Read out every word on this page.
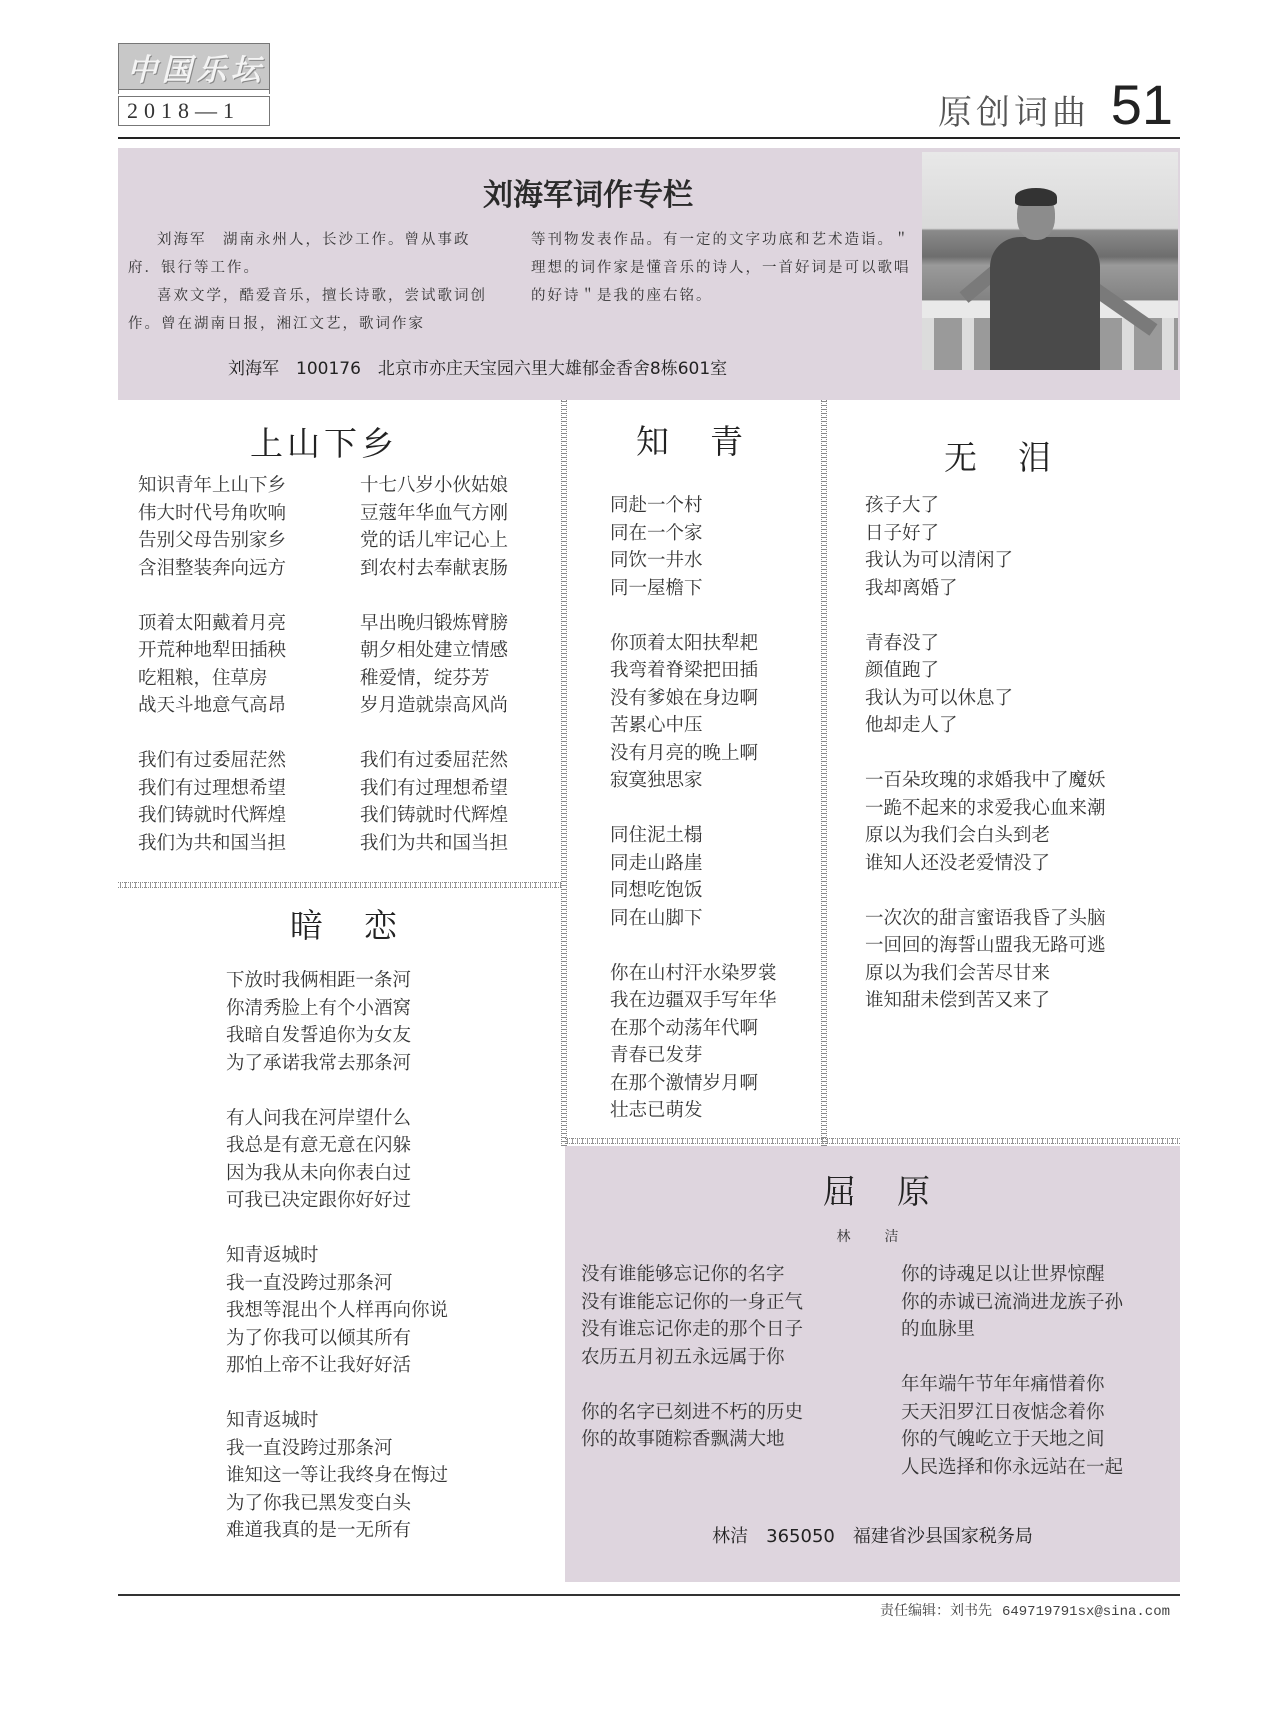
中 国 乐 坛
2018—1	原创词曲 51
刘海军词作专栏

刘海军　湖南永州人，长沙工作。曾从事政府．银行等工作。

喜欢文学，酷爱音乐，擅长诗歌，尝试歌词创作。曾在湖南日报，湘江文艺，歌词作家

等刊物发表作品。有一定的文字功底和艺术造诣。＂理想的词作家是懂音乐的诗人，一首好词是可以歌唱的好诗＂是我的座右铭。

刘海军　100176　北京市亦庄天宝园六里大雄郁金香舍8栋601室
上山下乡
知识青年上山下乡
伟大时代号角吹响
告别父母告别家乡
含泪整装奔向远方
顶着太阳戴着月亮
开荒种地犁田插秧
吃粗粮，住草房
战天斗地意气高昂
我们有过委屈茫然
我们有过理想希望
我们铸就时代辉煌
我们为共和国当担
十七八岁小伙姑娘
豆蔻年华血气方刚
党的话儿牢记心上
到农村去奉献衷肠
早出晚归锻炼臂膀
朝夕相处建立情感
稚爱情，绽芬芳
岁月造就崇高风尚
我们有过委屈茫然
我们有过理想希望
我们铸就时代辉煌
我们为共和国当担
暗　恋
下放时我俩相距一条河
你清秀脸上有个小酒窝
我暗自发誓追你为女友
为了承诺我常去那条河
有人问我在河岸望什么
我总是有意无意在闪躲
因为我从未向你表白过
可我已决定跟你好好过
知青返城时
我一直没跨过那条河
我想等混出个人样再向你说
为了你我可以倾其所有
那怕上帝不让我好好活
知青返城时
我一直没跨过那条河
谁知这一等让我终身在悔过
为了你我已黑发变白头
难道我真的是一无所有
知　青
同赴一个村
同在一个家
同饮一井水
同一屋檐下
你顶着太阳扶犁耙
我弯着脊梁把田插
没有爹娘在身边啊
苦累心中压
没有月亮的晚上啊
寂寞独思家
同住泥土榻
同走山路崖
同想吃饱饭
同在山脚下
你在山村汗水染罗裳
我在边疆双手写年华
在那个动荡年代啊
青春已发芽
在那个激情岁月啊
壮志已萌发
无　泪
孩子大了
日子好了
我认为可以清闲了
我却离婚了
青春没了
颜值跑了
我认为可以休息了
他却走人了
一百朵玫瑰的求婚我中了魔妖
一跪不起来的求爱我心血来潮
原以为我们会白头到老
谁知人还没老爱情没了
一次次的甜言蜜语我昏了头脑
一回回的海誓山盟我无路可逃
原以为我们会苦尽甘来
谁知甜未偿到苦又来了
屈　原
林　洁
没有谁能够忘记你的名字
没有谁能忘记你的一身正气
没有谁忘记你走的那个日子
农历五月初五永远属于你
你的名字已刻进不朽的历史
你的故事随粽香飘满大地
你的诗魂足以让世界惊醒
你的赤诚已流淌进龙族子孙
的血脉里
年年端午节年年痛惜着你
天天汨罗江日夜惦念着你
你的气魄屹立于天地之间
人民选择和你永远站在一起
林洁　365050　福建省沙县国家税务局
责任编辑：刘书先 649719791sx@sina.com
